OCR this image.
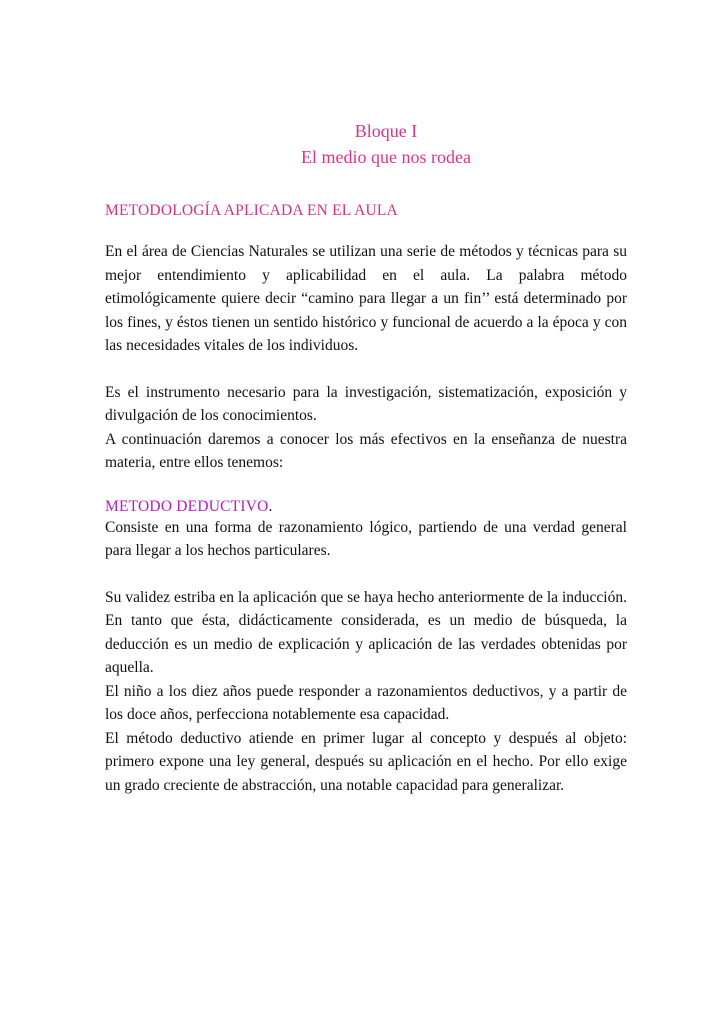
Bloque I
El medio que nos rodea
METODOLOGÍA APLICADA EN EL AULA

En el área de Ciencias Naturales se utilizan una serie de métodos y técnicas para su mejor entendimiento y aplicabilidad en el aula. La palabra método etimológicamente quiere decir “camino para llegar a un fin’’ está determinado por los fines, y éstos tienen un sentido histórico y funcional de acuerdo a la época y con las necesidades vitales de los individuos.

Es el instrumento necesario para la investigación, sistematización, exposición y divulgación de los conocimientos.

A continuación daremos a conocer los más efectivos en la enseñanza de nuestra materia, entre ellos tenemos:

METODO DEDUCTIVO.

Consiste en una forma de razonamiento lógico, partiendo de una verdad general para llegar a los hechos particulares.

Su validez estriba en la aplicación que se haya hecho anteriormente de la inducción. En tanto que ésta, didácticamente considerada, es un medio de búsqueda, la deducción es un medio de explicación y aplicación de las verdades obtenidas por aquella.

El niño a los diez años puede responder a razonamientos deductivos, y a partir de los doce años, perfecciona notablemente esa capacidad.

El método deductivo atiende en primer lugar al concepto y después al objeto: primero expone una ley general, después su aplicación en el hecho. Por ello exige un grado creciente de abstracción, una notable capacidad para generalizar.
